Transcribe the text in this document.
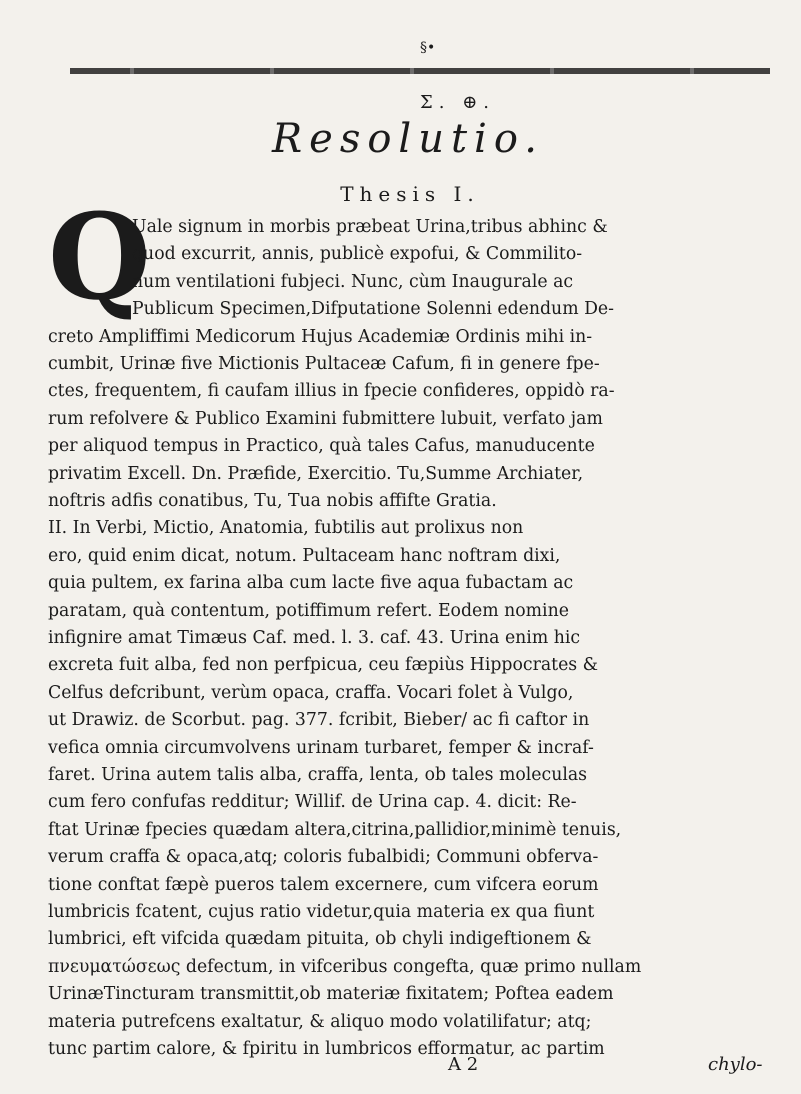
§•
Σ. ⊕.
Resolutio.
Thesis I.
Q
Uale signum in morbis præbeat Urina,tribus abhinc &
quod excurrit, annis, publicè expofui, & Commilito-
num ventilationi fubjeci. Nunc, cùm Inaugurale ac
Publicum Specimen,Difputatione Solenni edendum De-
creto Ampliffimi Medicorum Hujus Academiæ Ordinis mihi in-
cumbit, Urinæ five Mictionis Pultaceæ Cafum, fi in genere fpe-
ctes, frequentem, fi caufam illius in fpecie confideres, oppidò ra-
rum refolvere & Publico Examini fubmittere lubuit, verfato jam
per aliquod tempus in Practico, quà tales Cafus, manuducente
privatim Excell. Dn. Præfide, Exercitio. Tu,Summe Archiater,
noftris adfis conatibus, Tu, Tua nobis affifte Gratia.
II. In Verbi, Mictio, Anatomia, fubtilis aut prolixus non
ero, quid enim dicat, notum. Pultaceam hanc noftram dixi,
quia pultem, ex farina alba cum lacte five aqua fubactam ac
paratam, quà contentum, potiffimum refert. Eodem nomine
infignire amat Timæus Caf. med. l. 3. caf. 43. Urina enim hic
excreta fuit alba, fed non perfpicua, ceu fæpiùs Hippocrates &
Celfus defcribunt, verùm opaca, craffa. Vocari folet à Vulgo,
ut Drawiz. de Scorbut. pag. 377. fcribit, Bieber/ ac fi caftor in
vefica omnia circumvolvens urinam turbaret, femper & incraf-
faret. Urina autem talis alba, craffa, lenta, ob tales moleculas
cum fero confufas redditur; Willif. de Urina cap. 4. dicit: Re-
ftat Urinæ fpecies quædam altera,citrina,pallidior,minimè tenuis,
verum craffa & opaca,atq; coloris fubalbidi; Communi obferva-
tione conftat fæpè pueros talem excernere, cum vifcera eorum
lumbricis fcatent, cujus ratio videtur,quia materia ex qua fiunt
lumbrici, eft vifcida quædam pituita, ob chyli indigeftionem &
πνευματώσεως defectum, in vifceribus congefta, quæ primo nullam
UrinæTincturam transmittit,ob materiæ fixitatem; Poftea eadem
materia putrefcens exaltatur, & aliquo modo volatilifatur; atq;
tunc partim calore, & fpiritu in lumbricos efformatur, ac partim
A 2	chylo-
